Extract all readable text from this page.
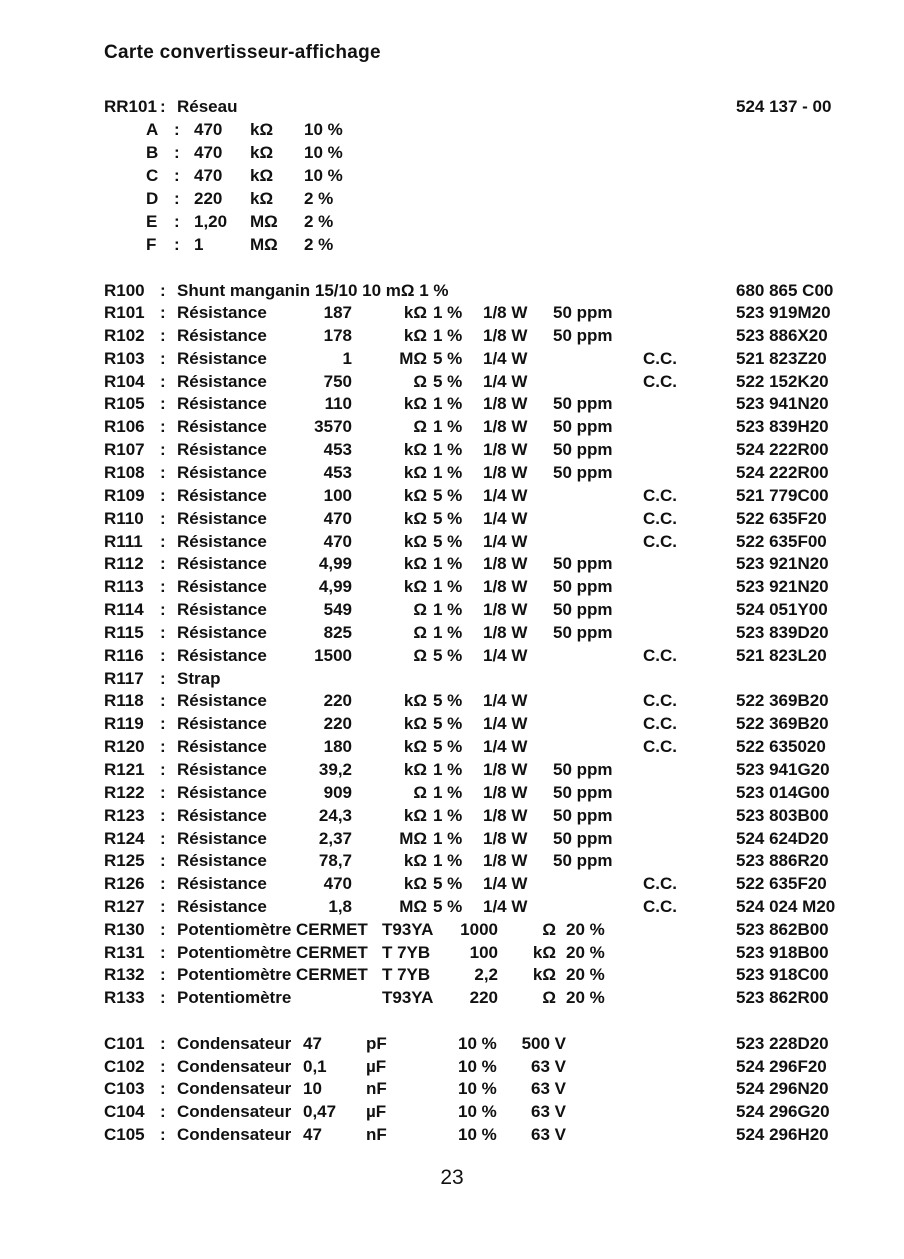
Carte convertisseur-affichage
RR101 : Réseau	524 137 - 00
A : 470	kΩ	10 %
B : 470	kΩ	10 %
C : 470	kΩ	10 %
D : 220	kΩ	2 %
E : 1,20	MΩ	2 %
F : 1	MΩ	2 %
R100 : Shunt manganin 15/10 10 mΩ 1 %	680 865 C00
R101 : Résistance	187	kΩ 1 % 1/8 W 50 ppm	523 919M20
R102 : Résistance	178	kΩ 1 % 1/8 W 50 ppm	523 886X20
R103 : Résistance	1	MΩ 5 % 1/4 W	C.C.	521 823Z20
R104 : Résistance	750	Ω 5 % 1/4 W	C.C.	522 152K20
R105 : Résistance	110	kΩ 1 % 1/8 W 50 ppm	523 941N20
R106 : Résistance	3570	Ω 1 % 1/8 W 50 ppm	523 839H20
R107 : Résistance	453	kΩ 1 % 1/8 W 50 ppm	524 222R00
R108 : Résistance	453	kΩ 1 % 1/8 W 50 ppm	524 222R00
R109 : Résistance	100	kΩ 5 % 1/4 W	C.C.	521 779C00
R110 : Résistance	470	kΩ 5 % 1/4 W	C.C.	522 635F20
R111 : Résistance	470	kΩ 5 % 1/4 W	C.C.	522 635F00
R112 : Résistance	4,99	kΩ 1 % 1/8 W 50 ppm	523 921N20
R113 : Résistance	4,99	kΩ 1 % 1/8 W 50 ppm	523 921N20
R114 : Résistance	549	Ω 1 % 1/8 W 50 ppm	524 051Y00
R115 : Résistance	825	Ω 1 % 1/8 W 50 ppm	523 839D20
R116 : Résistance	1500	Ω 5 % 1/4 W	C.C.	521 823L20
R117 : Strap
R118 : Résistance	220	kΩ 5 % 1/4 W	C.C.	522 369B20
R119 : Résistance	220	kΩ 5 % 1/4 W	C.C.	522 369B20
R120 : Résistance	180	kΩ 5 % 1/4 W	C.C.	522 635020
R121 : Résistance	39,2	kΩ 1 % 1/8 W 50 ppm	523 941G20
R122 : Résistance	909	Ω 1 % 1/8 W 50 ppm	523 014G00
R123 : Résistance	24,3	kΩ 1 % 1/8 W 50 ppm	523 803B00
R124 : Résistance	2,37	MΩ 1 % 1/8 W 50 ppm	524 624D20
R125 : Résistance	78,7	kΩ 1 % 1/8 W 50 ppm	523 886R20
R126 : Résistance	470	kΩ 5 % 1/4 W	C.C.	522 635F20
R127 : Résistance	1,8	MΩ 5 % 1/4 W	C.C.	524 024 M20
R130 : Potentiomètre CERMET T93YA	1000	Ω 20 %	523 862B00
R131 : Potentiomètre CERMET T 7YB	100	kΩ 20 %	523 918B00
R132 : Potentiomètre CERMET T 7YB	2,2	kΩ 20 %	523 918C00
R133 : Potentiomètre	T93YA	220	Ω 20 %	523 862R00
C101 : Condensateur 47	pF	10 %	500 V	523 228D20
C102 : Condensateur 0,1	µF	10 %	63 V	524 296F20
C103 : Condensateur 10	nF	10 %	63 V	524 296N20
C104 : Condensateur 0,47	µF	10 %	63 V	524 296G20
C105 : Condensateur 47	nF	10 %	63 V	524 296H20
23
